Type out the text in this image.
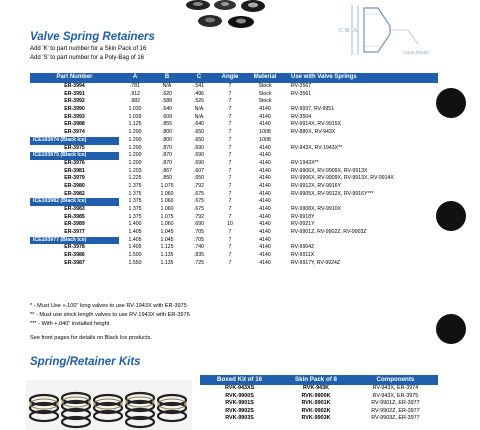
A
B
C
LOCK ANGLE
Valve Spring Retainers
Add 'K' to part number for a Skin Pack of 16
Add 'S' to part number for a Poly-Bag of 16
Part Number	A	B	C	Angle	Material	Use with Valve Springs
ER-3994	.781	N/A	.541	7	Stock	RV-3567
ER-3991	.912	.620	.496	7	Stock	RV-3561
ER-3992	.982	.588	.526	7	Stock	
ER-3990	1.030	.640	N/A	7	4140	RV-9937, RV-9951
ER-3993	1.039	.609	N/A	7	4140	RV-3504
ER-3988	1.125	.855	.640	7	4140	RV-9914X, RV-9915X
ER-3974	1.200	.800	.650	7	1008	RV-880X, RV-943X
ICE103974 (Black Ice)	1.200	.800	.650	7	1008	
ER-3975	1.200	.870	.690	7	4140	RV-943X, RV-1943X**
ICE103975 (Black Ice)	1.200	.870	.690	7	4140	
ER-3976	1.200	.870	.690	7	4140	RV-1943X**
ER-3981	1.203	.867	.607	7	4140	RV-9906X, RV-9909X, RV-9913X
ER-3979	1.225	.850	.650	7	4140	RV-9906X, RV-9909X, RV-9913X, RV-9914X
ER-3980	1.375	1.075	.792	7	4140	RV-9912X, RV-9916Y
ER-3982	1.375	1.060	.675	7	4140	RV-9905X, RV-9912X, RV-9916Y***
ICE103982 (Black Ice)	1.375	1.060	.675	7	4140	
ER-3983	1.375	1.060	.675	7	4140	RV-9908X, RV-9910X
ER-3985	1.375	1.075	.792	7	4140	RV-9918Y
ER-3989	1.400	1.060	.690	10	4140	RV-9921Y
ER-3977	1.405	1.045	.705	7	4140	RV-9901Z, RV-9902Z, RV-9903Z
ICE103977 (Black Ice)	1.405	1.045	.705	7	4140	
ER-3978	1.405	1.125	.740	7	4140	RV-9904Z
ER-3986	1.500	1.135	.835	7	4140	RV-9911X
ER-3987	1.550	1.135	.725	7	4140	RV-9917Y, RV-9924Z
* - Must Use +.100" long valves to use RV-1943X with ER-3975
** - Must use stock length valves to use RV-1943X with ER-3976
*** - With +.040" installed height
See front pages for details on Black Ice products.
Spring/Retainer Kits
Boxed Kit of 16	Skin Pack of 8	Components
RVK-943XS	RVK-943K	RV-943X, ER-3974
RVK-9900S	RVK-9900K	RV-943X, ER-3975
RVK-9901S	RVK-9901K	RV-9901Z, ER-3977
RVK-9902S	RVK-9902K	RV-9902Z, ER-3977
RVK-9903S	RVK-9903K	RV-9903Z, ER-3977
